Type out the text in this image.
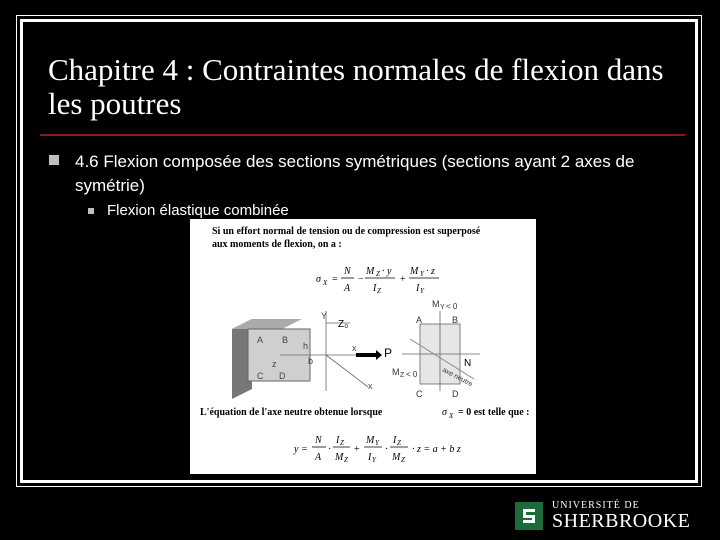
Chapitre 4 : Contraintes normales de flexion dans les poutres
4.6 Flexion composée des sections symétriques (sections ayant 2 axes de symétrie)
Flexion élastique combinée
Si un effort normal de tension ou de compression est superposé
aux moments de flexion, on a :
σ X =
N
A
−
M Z · y
I Z
+
M Y · z
I Y
Y
Z₀
A B
C D
h
b
z
x
x
P
M Y < 0
A	B
N
M Z < 0	axe neutre
C	D
L'équation de l'axe neutre obtenue lorsque	σ X = 0 est telle que :
y =
N
A
·
I Z
M Z
+
M Y
I Y
·
I Z
M Z
· z = a + b z
UNIVERSITÉ DE
SHERBROOKE
